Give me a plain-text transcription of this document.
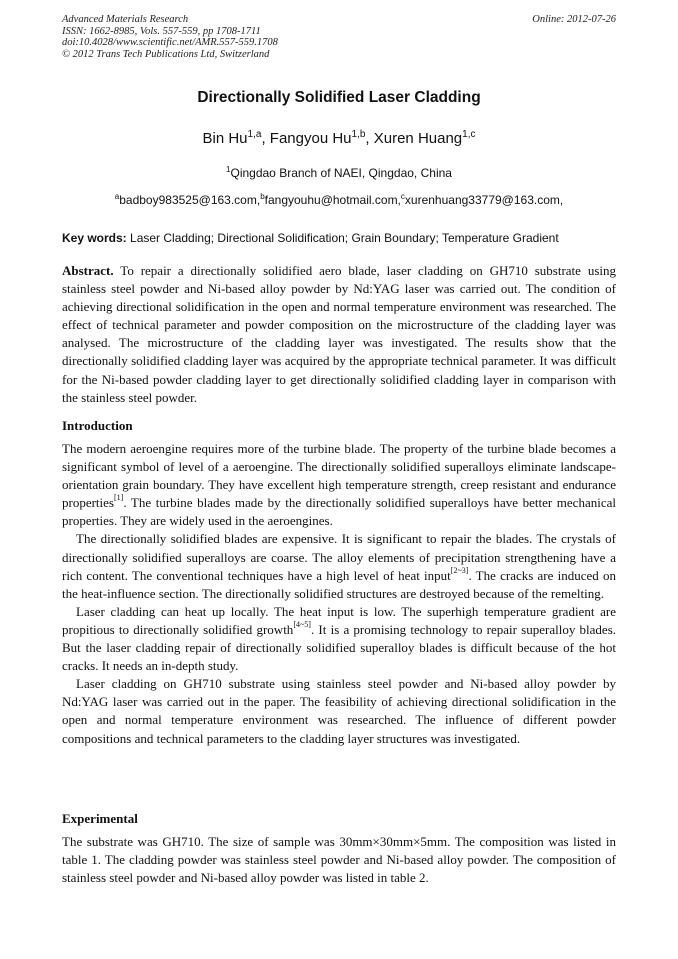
Advanced Materials Research
ISSN: 1662-8985, Vols. 557-559, pp 1708-1711
doi:10.4028/www.scientific.net/AMR.557-559.1708
© 2012 Trans Tech Publications Ltd, Switzerland
Online: 2012-07-26
Directionally Solidified Laser Cladding
Bin Hu$^{1,a}$, Fangyou Hu$^{1,b}$, Xuren Huang$^{1,c}$
$^1$Qingdao Branch of NAEI, Qingdao, China
$^a$badboy983525@163.com,$^b$fangyouhu@hotmail.com,$^c$xurenhuang33779@163.com,
Key words: Laser Cladding; Directional Solidification; Grain Boundary; Temperature Gradient

Abstract. To repair a directionally solidified aero blade, laser cladding on GH710 substrate using stainless steel powder and Ni-based alloy powder by Nd:YAG laser was carried out. The condition of achieving directional solidification in the open and normal temperature environment was researched. The effect of technical parameter and powder composition on the microstructure of the cladding layer was analysed. The microstructure of the cladding layer was investigated. The results show that the directionally solidified cladding layer was acquired by the appropriate technical parameter. It was difficult for the Ni-based powder cladding layer to get directionally solidified cladding layer in comparison with the stainless steel powder.

Introduction

The modern aeroengine requires more of the turbine blade. The property of the turbine blade becomes a significant symbol of level of a aeroengine. The directionally solidified superalloys eliminate landscape-orientation grain boundary. They have excellent high temperature strength, creep resistant and endurance properties[1]. The turbine blades made by the directionally solidified superalloys have better mechanical properties. They are widely used in the aeroengines.

The directionally solidified blades are expensive. It is significant to repair the blades. The crystals of directionally solidified superalloys are coarse. The alloy elements of precipitation strengthening have a rich content. The conventional techniques have a high level of heat input[2~3]. The cracks are induced on the heat-influence section. The directionally solidified structures are destroyed because of the remelting.

Laser cladding can heat up locally. The heat input is low. The superhigh temperature gradient are propitious to directionally solidified growth[4~5]. It is a promising technology to repair superalloy blades. But the laser cladding repair of directionally solidified superalloy blades is difficult because of the hot cracks. It needs an in-depth study.

Laser cladding on GH710 substrate using stainless steel powder and Ni-based alloy powder by Nd:YAG laser was carried out in the paper. The feasibility of achieving directional solidification in the open and normal temperature environment was researched. The influence of different powder compositions and technical parameters to the cladding layer structures was investigated.

Experimental

The substrate was GH710. The size of sample was 30mm×30mm×5mm. The composition was listed in table 1. The cladding powder was stainless steel powder and Ni-based alloy powder. The composition of stainless steel powder and Ni-based alloy powder was listed in table 2.
